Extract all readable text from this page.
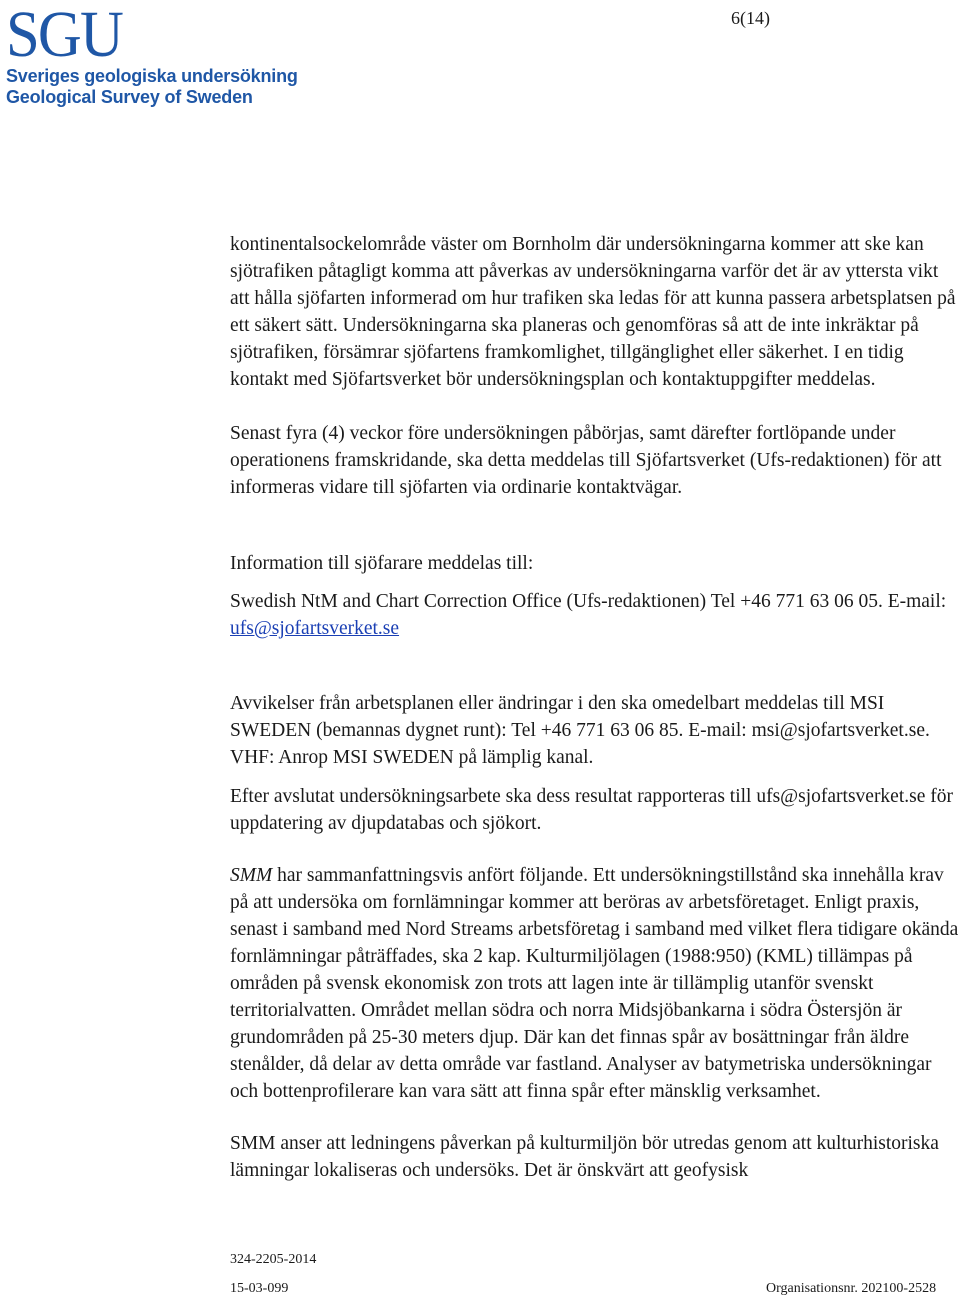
SGU
Sveriges geologiska undersökning
Geological Survey of Sweden
6(14)

kontinentalsockelområde väster om Bornholm där undersökningarna kommer att ske kan sjötrafiken påtagligt komma att påverkas av undersökningarna varför det är av yttersta vikt att hålla sjöfarten informerad om hur trafiken ska ledas för att kunna passera arbetsplatsen på ett säkert sätt. Undersökningarna ska planeras och genomföras så att de inte inkräktar på sjötrafiken, försämrar sjöfartens framkomlighet, tillgänglighet eller säkerhet. I en tidig kontakt med Sjöfartsverket bör undersökningsplan och kontaktuppgifter meddelas.

Senast fyra (4) veckor före undersökningen påbörjas, samt därefter fortlöpande under operationens framskridande, ska detta meddelas till Sjöfartsverket (Ufs-redaktionen) för att informeras vidare till sjöfarten via ordinarie kontaktvägar.

Information till sjöfarare meddelas till:

Swedish NtM and Chart Correction Office (Ufs-redaktionen) Tel +46 771 63 06 05. E-mail: ufs@sjofartsverket.se

Avvikelser från arbetsplanen eller ändringar i den ska omedelbart meddelas till MSI SWEDEN (bemannas dygnet runt): Tel +46 771 63 06 85. E-mail: msi@sjofartsverket.se. VHF: Anrop MSI SWEDEN på lämplig kanal.

Efter avslutat undersökningsarbete ska dess resultat rapporteras till ufs@sjofartsverket.se för uppdatering av djupdatabas och sjökort.

SMM har sammanfattningsvis anfört följande. Ett undersökningstillstånd ska innehålla krav på att undersöka om fornlämningar kommer att beröras av arbetsföretaget. Enligt praxis, senast i samband med Nord Streams arbetsföretag i samband med vilket flera tidigare okända fornlämningar påträffades, ska 2 kap. Kulturmiljölagen (1988:950) (KML) tillämpas på områden på svensk ekonomisk zon trots att lagen inte är tillämplig utanför svenskt territorialvatten. Området mellan södra och norra Midsjöbankarna i södra Östersjön är grundområden på 25-30 meters djup. Där kan det finnas spår av bosättningar från äldre stenålder, då delar av detta område var fastland. Analyser av batymetriska undersökningar och bottenprofilerare kan vara sätt att finna spår efter mänsklig verksamhet.

SMM anser att ledningens påverkan på kulturmiljön bör utredas genom att kulturhistoriska lämningar lokaliseras och undersöks. Det är önskvärt att geofysisk

324-2205-2014
15-03-099	Organisationsnr. 202100-2528
